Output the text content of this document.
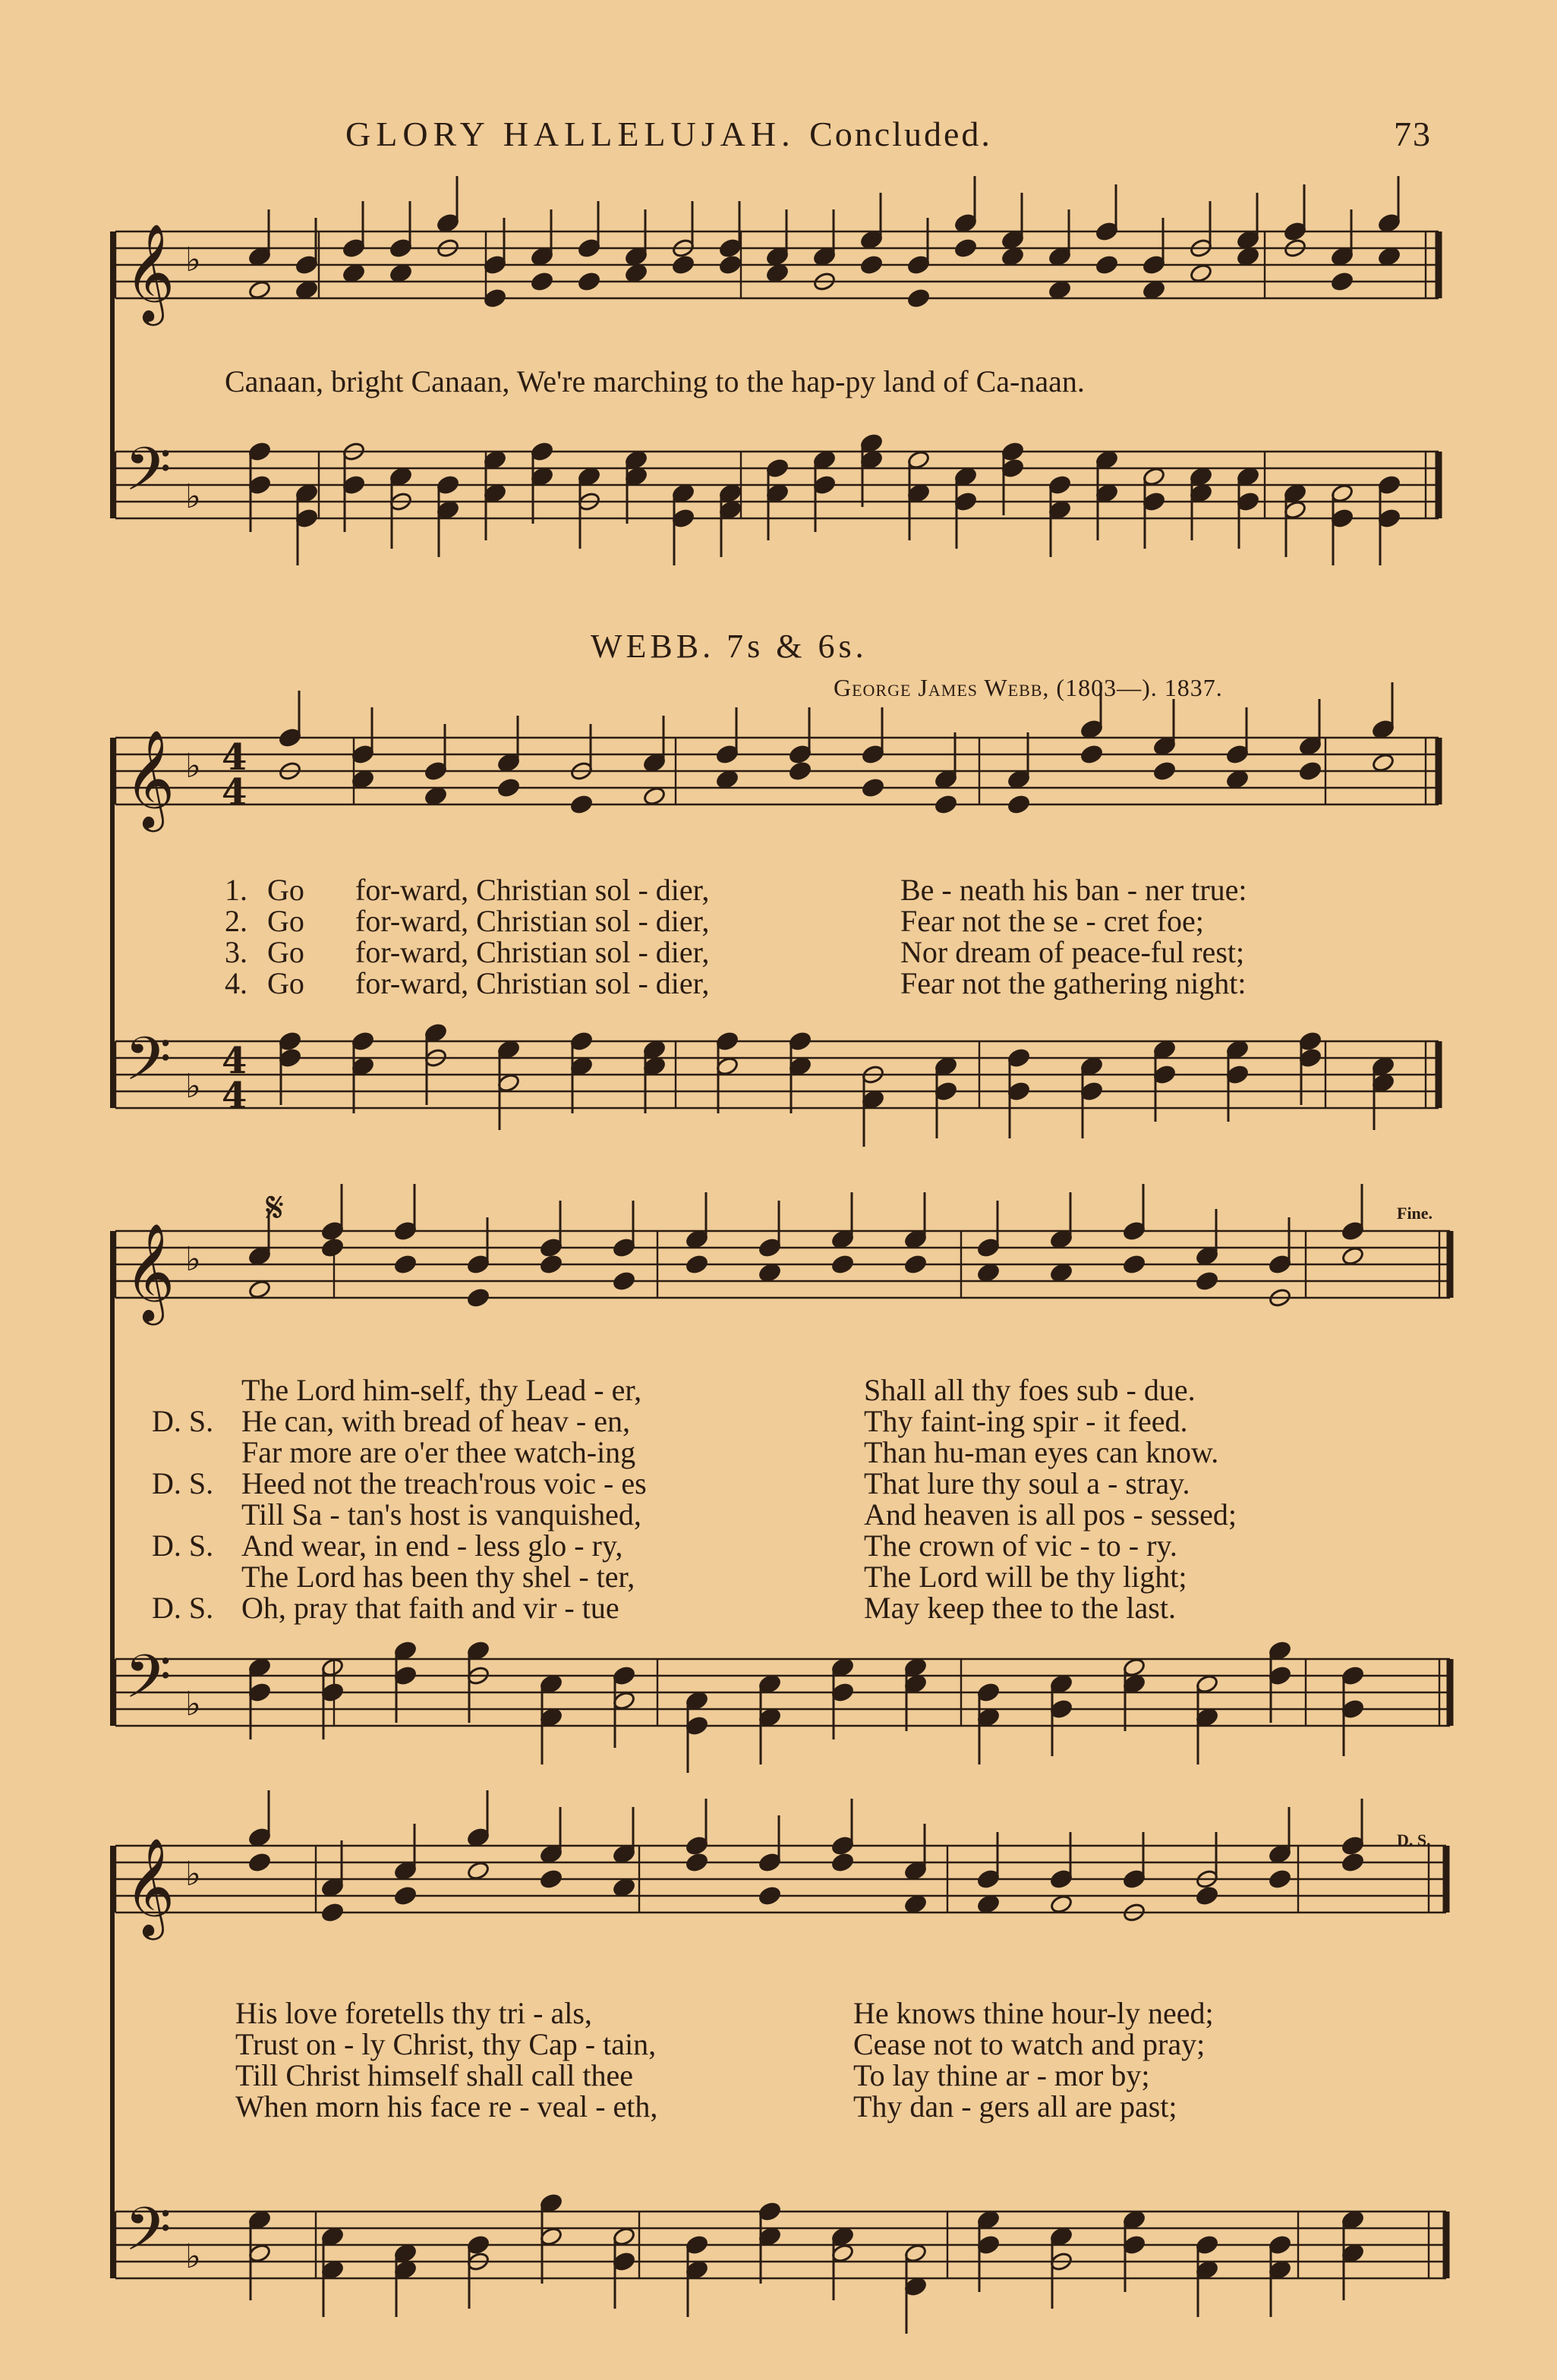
GLORY HALLELUJAH. Concluded.	73
𝄞
𝄢
♭
♭
𝄞
𝄢
♭
♭
4
4
4
4
𝄞
𝄢
♭
♭
𝄞
𝄢
♭
♭
Canaan, bright Canaan, We're marching to the hap-py land of Ca-naan.
WEBB. 7s & 6s.
George James Webb, (1803—). 1837.
1. Go for-ward, Christian sol - dier,	Be - neath his ban - ner true:
2. Go for-ward, Christian sol - dier,	Fear not the se - cret foe;
3. Go for-ward, Christian sol - dier,	Nor dream of peace-ful rest;
4. Go for-ward, Christian sol - dier,	Fear not the gathering night:
𝄋	Fine.
The Lord him-self, thy Lead - er,	Shall all thy foes sub - due.
D. S. He can, with bread of heav - en,	Thy faint-ing spir - it feed.
Far more are o'er thee watch-ing	Than hu-man eyes can know.
D. S. Heed not the treach'rous voic - es	That lure thy soul a - stray.
Till Sa - tan's host is vanquished,	And heaven is all pos - sessed;
D. S. And wear, in end - less glo - ry,	The crown of vic - to - ry.
The Lord has been thy shel - ter,	The Lord will be thy light;
D. S. Oh, pray that faith and vir - tue	May keep thee to the last.
D. S.
His love foretells thy tri - als,	He knows thine hour-ly need;
Trust on - ly Christ, thy Cap - tain,	Cease not to watch and pray;
Till Christ himself shall call thee	To lay thine ar - mor by;
When morn his face re - veal - eth,	Thy dan - gers all are past;
